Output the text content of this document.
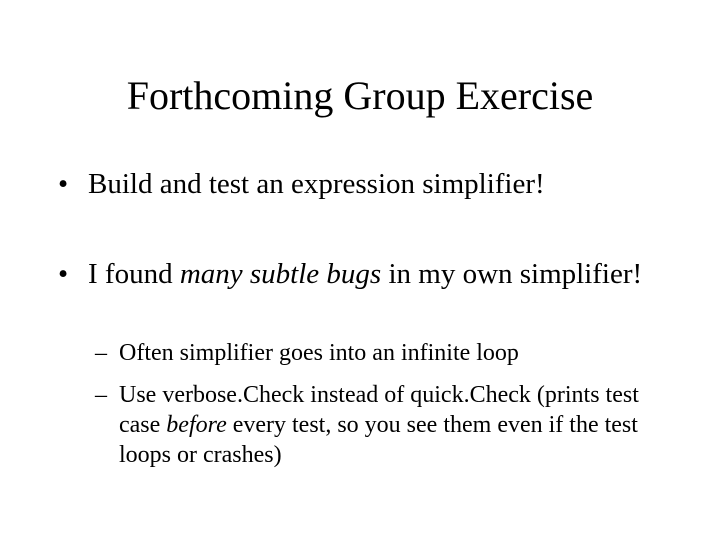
Forthcoming Group Exercise
• Build and test an expression simplifier!
• I found many subtle bugs in my own simplifier!
– Often simplifier goes into an infinite loop
– Use verbose.Check instead of quick.Check (prints test case before every test, so you see them even if the test loops or crashes)
